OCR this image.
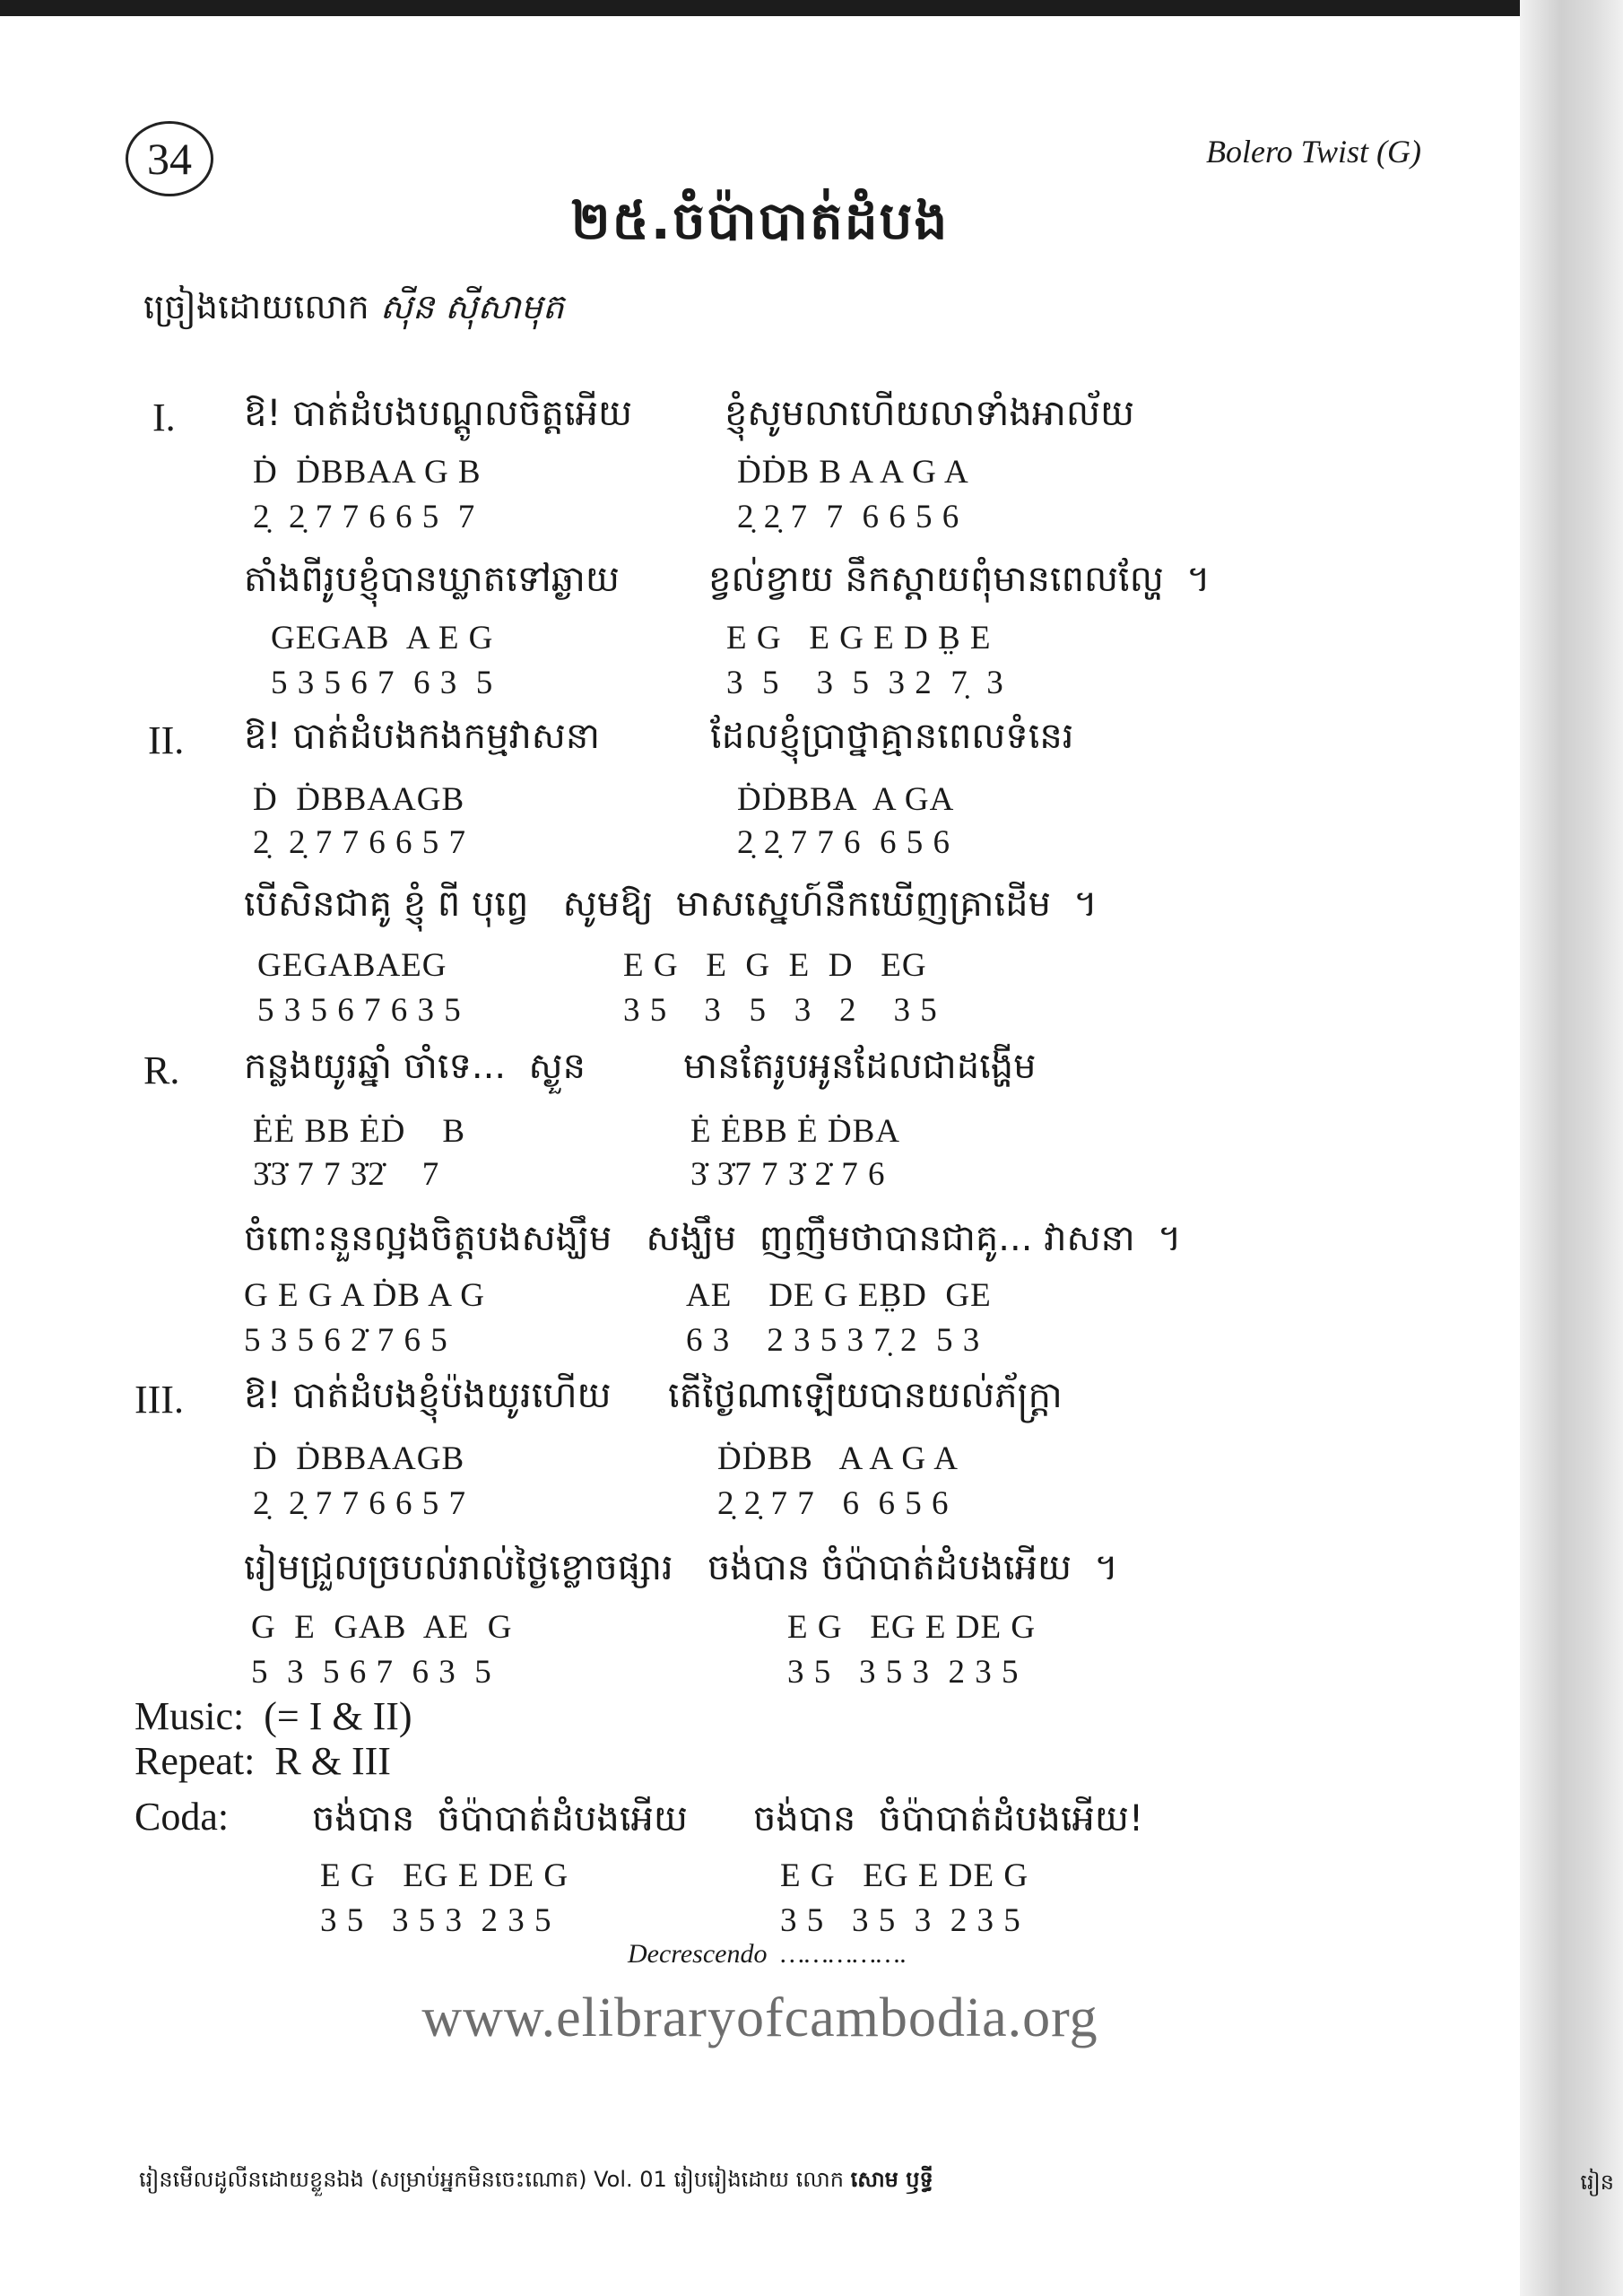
34	Bolero Twist (G)
២៥.ចំប៉ាបាត់ដំបង
ច្រៀងដោយលោក ស៊ីន ស៊ីសាមុត
I. ឱ! បាត់ដំបងបណ្ដូលចិត្តអើយ	ខ្ញុំសូមលាហើយលាទាំងអាល័យ
Ḋ  ḊBBAA G B	ḊḊB B A A G A
2̣  2̣ 7 7 6 6 5  7	2̣ 2̣ 7  7  6 6 5 6
តាំងពីរូបខ្ញុំបានឃ្លាតទៅឆ្ងាយ ខ្វល់ខ្វាយ នឹកស្ដាយពុំមានពេលល្ហែ  ។
GEGAB  A E G	E G   E G E D B̤ E
5 3 5 6 7  6 3  5	3  5    3  5  3 2  7̣  3
II. ឱ! បាត់ដំបងកងកម្មវាសនា	ដែលខ្ញុំប្រាថ្នាគ្មានពេលទំនេរ
Ḋ  ḊBBAAGB	ḊḊBBA  A GA
2̣  2̣ 7 7 6 6 5 7	2̣ 2̣ 7 7 6  6 5 6
បើសិនជាគូ ខ្ញុំ ពី បុព្វេ   សូមឱ្យ  មាសស្នេហ៍នឹកឃើញគ្រាដើម  ។
GEGABAEG	E G   E  G  E  D   EG
5 3 5 6 7 6 3 5	3 5    3   5   3   2    3 5
R. កន្លងយូរឆ្នាំ ចាំទេ...  ស្ងួន	មានតែរូបអូនដែលជាដង្ហើម
ĖĖ BB ĖḊ    B	Ė ĖBB Ė ḊBA
3̇3̇ 7 7 3̇2̇    7	3̇ 3̇7 7 3̇ 2̇ 7 6
ចំពោះនួនល្អងចិត្តបងសង្ឃឹម   សង្ឃឹម  ញញឹមថាបានជាគូ... វាសនា  ។
G E G A ḊB A G	AE    DE G EB̤D  GE
5 3 5 6 2̇ 7 6 5	6 3    2 3 5 3 7̣ 2  5 3
III. ឱ! បាត់ដំបងខ្ញុំប៉ងយូរហើយ តើថ្ងៃណាឡើយបានយល់ភ័ក្ត្រា
Ḋ  ḊBBAAGB	ḊḊBB   A A G A
2̣  2̣ 7 7 6 6 5 7	2̣ 2̣ 7 7   6  6 5 6
រៀមជ្រួលច្របល់រាល់ថ្ងៃខ្លោចផ្សារ   ចង់បាន ចំប៉ាបាត់ដំបងអើយ  ។
G  E  GAB  AE  G	E G   EG E DE G
5  3  5 6 7  6 3  5	3 5   3 5 3  2 3 5
Music:  (= I & II)
Repeat:  R & III
Coda: ចង់បាន  ចំប៉ាបាត់ដំបងអើយ ចង់បាន  ចំប៉ាបាត់ដំបងអើយ!
E G   EG E DE G	E G   EG E DE G
3 5   3 5 3  2 3 5	3 5   3 5  3  2 3 5
Decrescendo  …………….
www.elibraryofcambodia.org
រៀនមើលដូលីនដោយខ្លួនឯង (សម្រាប់អ្នកមិនចេះណោត) Vol. 01 រៀបរៀងដោយ លោក សោម ឫទ្ធី	រៀន
